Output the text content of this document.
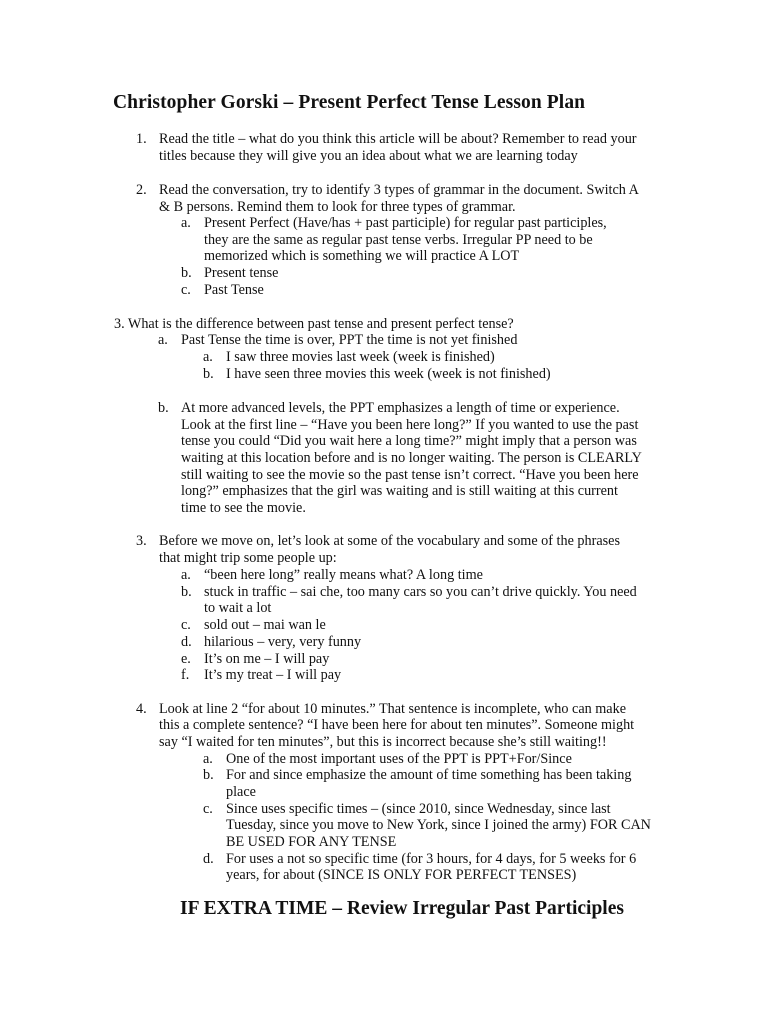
Christopher Gorski – Present Perfect Tense Lesson Plan
1. Read the title – what do you think this article will be about? Remember to read your
titles because they will give you an idea about what we are learning today
2. Read the conversation, try to identify 3 types of grammar in the document. Switch A
& B persons. Remind them to look for three types of grammar.
a. Present Perfect (Have/has + past participle) for regular past participles,
they are the same as regular past tense verbs. Irregular PP need to be
memorized which is something we will practice A LOT
b. Present tense
c. Past Tense
3. What is the difference between past tense and present perfect tense?
a. Past Tense the time is over, PPT the time is not yet finished
a. I saw three movies last week (week is finished)
b. I have seen three movies this week (week is not finished)
b. At more advanced levels, the PPT emphasizes a length of time or experience.
Look at the first line – “Have you been here long?” If you wanted to use the past
tense you could “Did you wait here a long time?” might imply that a person was
waiting at this location before and is no longer waiting. The person is CLEARLY
still waiting to see the movie so the past tense isn’t correct. “Have you been here
long?” emphasizes that the girl was waiting and is still waiting at this current
time to see the movie.
3. Before we move on, let’s look at some of the vocabulary and some of the phrases
that might trip some people up:
a. “been here long” really means what? A long time
b. stuck in traffic – sai che, too many cars so you can’t drive quickly. You need
to wait a lot
c. sold out – mai wan le
d. hilarious – very, very funny
e. It’s on me – I will pay
f. It’s my treat – I will pay
4. Look at line 2 “for about 10 minutes.” That sentence is incomplete, who can make
this a complete sentence? “I have been here for about ten minutes”. Someone might
say “I waited for ten minutes”, but this is incorrect because she’s still waiting!!
a. One of the most important uses of the PPT is PPT+For/Since
b. For and since emphasize the amount of time something has been taking
place
c. Since uses specific times – (since 2010, since Wednesday, since last
Tuesday, since you move to New York, since I joined the army) FOR CAN
BE USED FOR ANY TENSE
d. For uses a not so specific time (for 3 hours, for 4 days, for 5 weeks for 6
years, for about (SINCE IS ONLY FOR PERFECT TENSES)
IF EXTRA TIME – Review Irregular Past Participles
